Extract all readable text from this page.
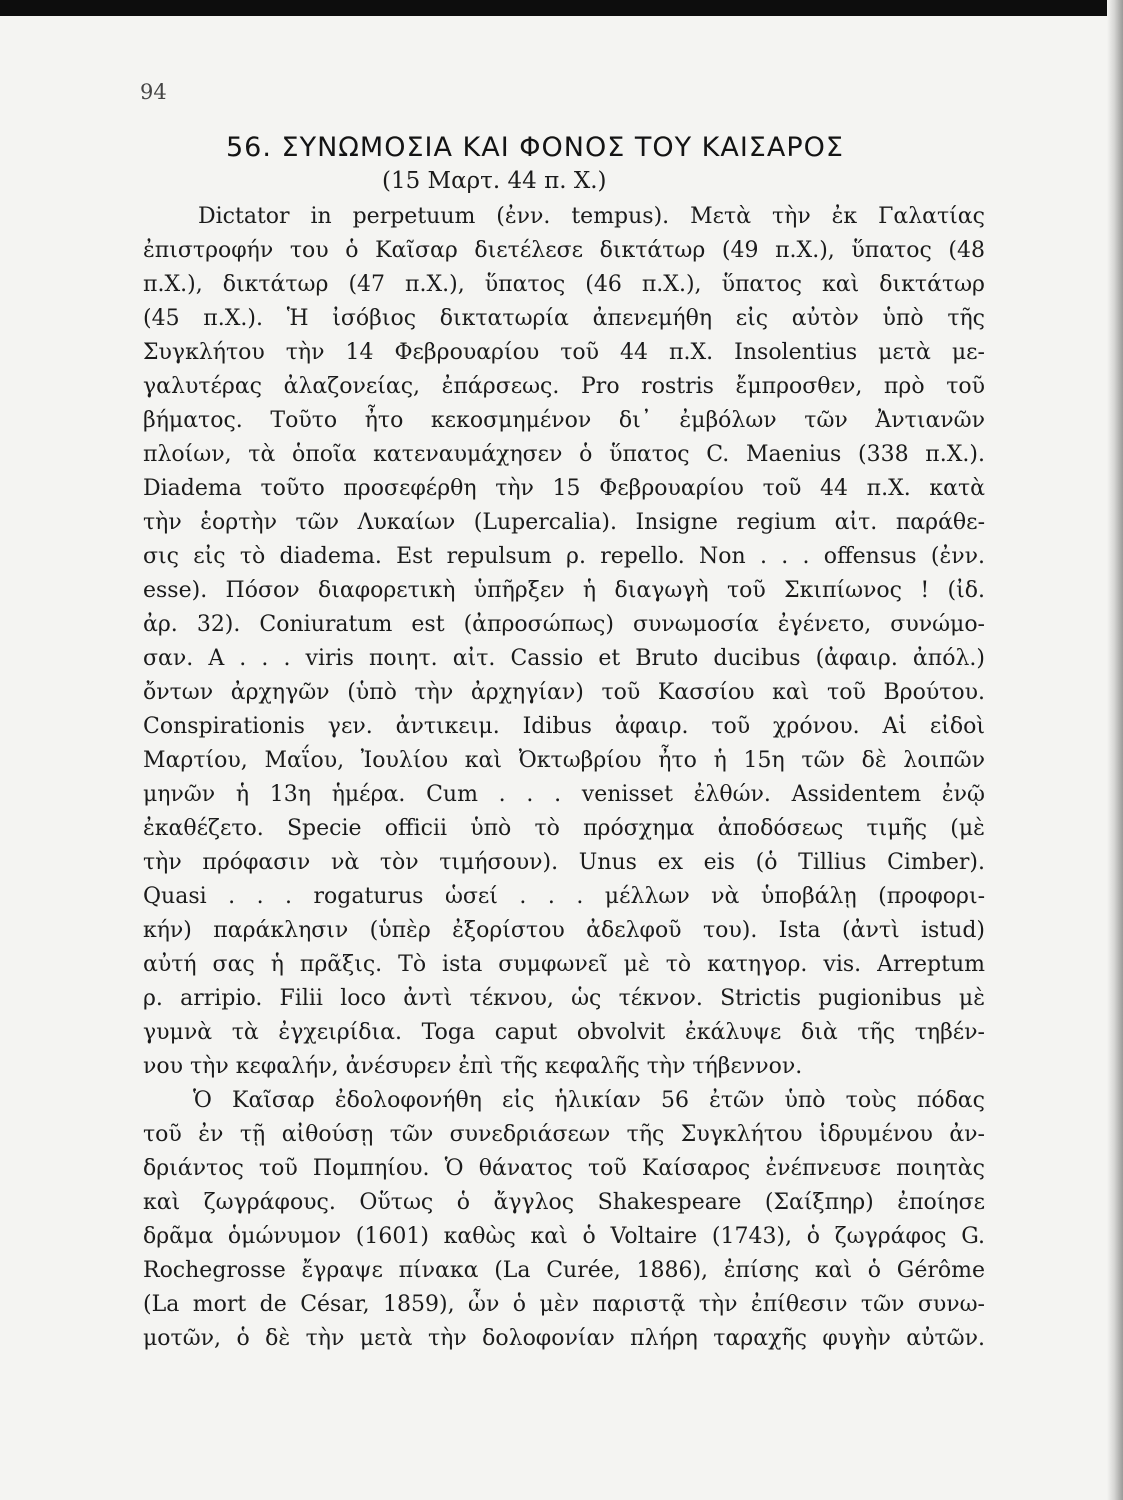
94
56. ΣΥΝΩΜΟΣΙΑ ΚΑΙ ΦΟΝΟΣ ΤΟΥ ΚΑΙΣΑΡΟΣ
(15 Μαρτ. 44 π. Χ.)
Dictator in perpetuum (ἐνν. tempus). Μετὰ τὴν ἐκ Γαλατίας
ἐπιστροφήν του ὁ Καῖσαρ διετέλεσε δικτάτωρ (49 π.Χ.), ὕπατος (48
π.Χ.), δικτάτωρ (47 π.Χ.), ὕπατος (46 π.Χ.), ὕπατος καὶ δικτάτωρ
(45 π.Χ.). Ἡ ἰσόβιος δικτατωρία ἀπενεμήθη εἰς αὐτὸν ὑπὸ τῆς
Συγκλήτου τὴν 14 Φεβρουαρίου τοῦ 44 π.Χ. Insolentius μετὰ με-
γαλυτέρας ἀλαζονείας, ἐπάρσεως. Pro rostris ἔμπροσθεν, πρὸ τοῦ
βήματος. Τοῦτο ἦτο κεκοσμημένον δι᾽ ἐμβόλων τῶν Ἀντιανῶν
πλοίων, τὰ ὁποῖα κατεναυμάχησεν ὁ ὕπατος C. Maenius (338 π.Χ.).
Diadema τοῦτο προσεφέρθη τὴν 15 Φεβρουαρίου τοῦ 44 π.Χ. κατὰ
τὴν ἑορτὴν τῶν Λυκαίων (Lupercalia). Insigne regium αἰτ. παράθε-
σις εἰς τὸ diadema. Est repulsum ρ. repello. Non . . . offensus (ἐνν.
esse). Πόσον διαφορετικὴ ὑπῆρξεν ἡ διαγωγὴ τοῦ Σκιπίωνος ! (ἰδ.
ἀρ. 32). Coniuratum est (ἀπροσώπως) συνωμοσία ἐγένετο, συνώμο-
σαν. A . . . viris ποιητ. αἰτ. Cassio et Bruto ducibus (ἀφαιρ. ἀπόλ.)
ὄντων ἀρχηγῶν (ὑπὸ τὴν ἀρχηγίαν) τοῦ Κασσίου καὶ τοῦ Βρούτου.
Conspirationis γεν. ἀντικειμ. Idibus ἀφαιρ. τοῦ χρόνου. Αἱ εἰδοὶ
Μαρτίου, Μαΐου, Ἰουλίου καὶ Ὀκτωβρίου ἦτο ἡ 15η τῶν δὲ λοιπῶν
μηνῶν ἡ 13η ἡμέρα. Cum . . . venisset ἐλθών. Assidentem ἐνῷ
ἐκαθέζετο. Specie officii ὑπὸ τὸ πρόσχημα ἀποδόσεως τιμῆς (μὲ
τὴν πρόφασιν νὰ τὸν τιμήσουν). Unus ex eis (ὁ Tillius Cimber).
Quasi . . . rogaturus ὡσεί . . . μέλλων νὰ ὑποβάλῃ (προφορι-
κήν) παράκλησιν (ὑπὲρ ἐξορίστου ἀδελφοῦ του). Ista (ἀντὶ istud)
αὐτή σας ἡ πρᾶξις. Τὸ ista συμφωνεῖ μὲ τὸ κατηγορ. vis. Arreptum
ρ. arripio. Filii loco ἀντὶ τέκνου, ὡς τέκνον. Strictis pugionibus μὲ
γυμνὰ τὰ ἐγχειρίδια. Toga caput obvolvit ἐκάλυψε διὰ τῆς τηβέν-
νου τὴν κεφαλήν, ἀνέσυρεν ἐπὶ τῆς κεφαλῆς τὴν τήβεννον.
Ὁ Καῖσαρ ἐδολοφονήθη εἰς ἡλικίαν 56 ἐτῶν ὑπὸ τοὺς πόδας
τοῦ ἐν τῇ αἰθούσῃ τῶν συνεδριάσεων τῆς Συγκλήτου ἱδρυμένου ἀν-
δριάντος τοῦ Πομπηίου. Ὁ θάνατος τοῦ Καίσαρος ἐνέπνευσε ποιητὰς
καὶ ζωγράφους. Οὕτως ὁ ἄγγλος Shakespeare (Σαίξπηρ) ἐποίησε
δρᾶμα ὁμώνυμον (1601) καθὼς καὶ ὁ Voltaire (1743), ὁ ζωγράφος G.
Rochegrosse ἔγραψε πίνακα (La Curée, 1886), ἐπίσης καὶ ὁ Gérôme
(La mort de César, 1859), ὧν ὁ μὲν παριστᾷ τὴν ἐπίθεσιν τῶν συνω-
μοτῶν, ὁ δὲ τὴν μετὰ τὴν δολοφονίαν πλήρη ταραχῆς φυγὴν αὐτῶν.
